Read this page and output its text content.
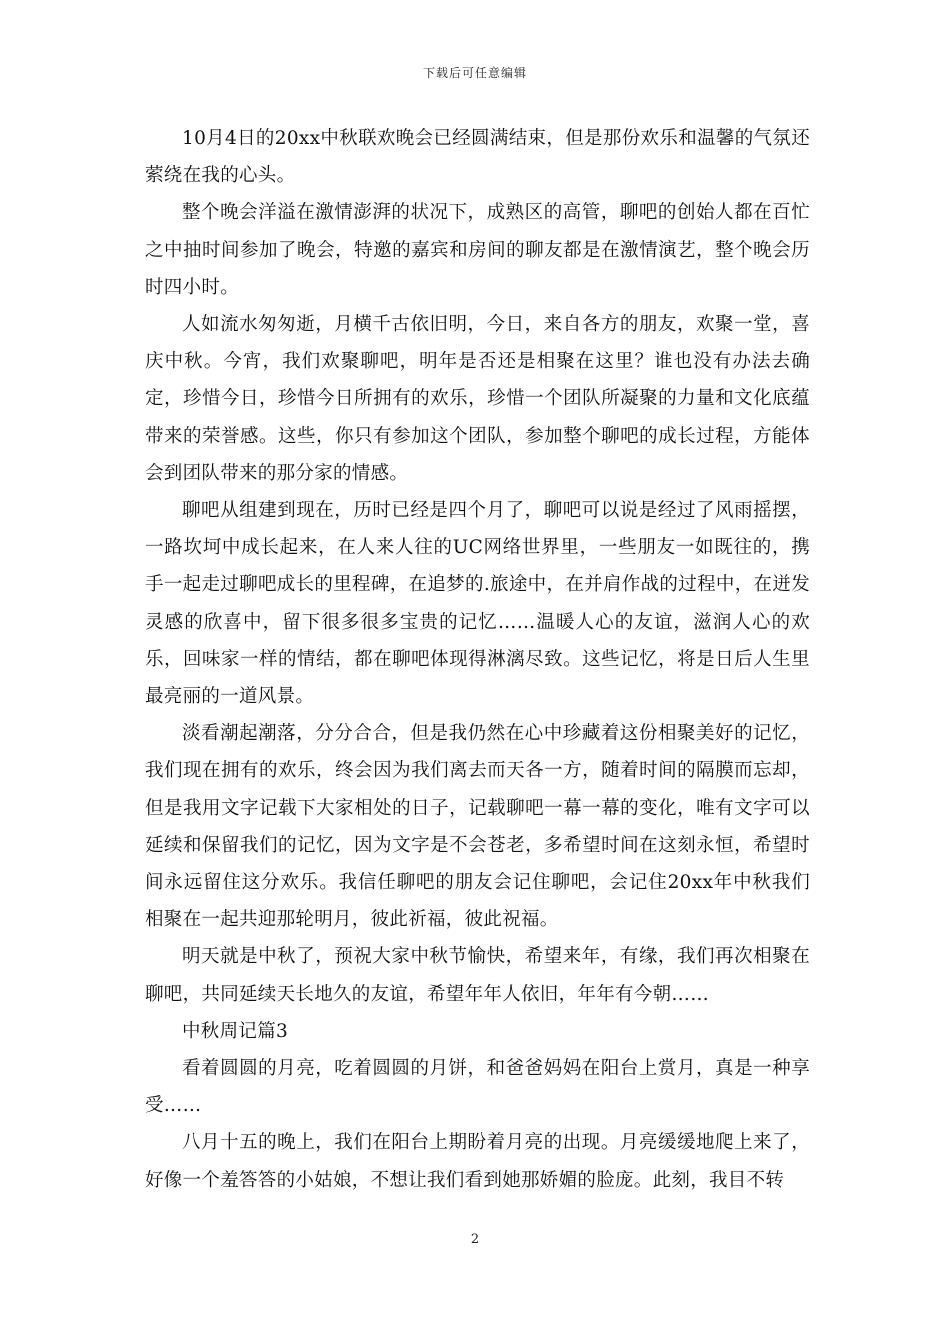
下载后可任意编辑

10月4日的20xx中秋联欢晚会已经圆满结束，但是那份欢乐和温馨的气氛还萦绕在我的心头。

整个晚会洋溢在激情澎湃的状况下，成熟区的高管，聊吧的创始人都在百忙之中抽时间参加了晚会，特邀的嘉宾和房间的聊友都是在激情演艺，整个晚会历时四小时。

人如流水匆匆逝，月横千古依旧明，今日，来自各方的朋友，欢聚一堂，喜庆中秋。今宵，我们欢聚聊吧，明年是否还是相聚在这里？谁也没有办法去确定，珍惜今日，珍惜今日所拥有的欢乐，珍惜一个团队所凝聚的力量和文化底蕴带来的荣誉感。这些，你只有参加这个团队，参加整个聊吧的成长过程，方能体会到团队带来的那分家的情感。

聊吧从组建到现在，历时已经是四个月了，聊吧可以说是经过了风雨摇摆，一路坎坷中成长起来，在人来人往的UC网络世界里，一些朋友一如既往的，携手一起走过聊吧成长的里程碑，在追梦的.旅途中，在并肩作战的过程中，在迸发灵感的欣喜中，留下很多很多宝贵的记忆……温暖人心的友谊，滋润人心的欢乐，回味家一样的情结，都在聊吧体现得淋漓尽致。这些记忆，将是日后人生里最亮丽的一道风景。

淡看潮起潮落，分分合合，但是我仍然在心中珍藏着这份相聚美好的记忆，我们现在拥有的欢乐，终会因为我们离去而天各一方，随着时间的隔膜而忘却，但是我用文字记载下大家相处的日子，记载聊吧一幕一幕的变化，唯有文字可以延续和保留我们的记忆，因为文字是不会苍老，多希望时间在这刻永恒，希望时间永远留住这分欢乐。我信任聊吧的朋友会记住聊吧，会记住20xx年中秋我们相聚在一起共迎那轮明月，彼此祈福，彼此祝福。

明天就是中秋了，预祝大家中秋节愉快，希望来年，有缘，我们再次相聚在聊吧，共同延续天长地久的友谊，希望年年人依旧，年年有今朝……

中秋周记篇3

看着圆圆的月亮，吃着圆圆的月饼，和爸爸妈妈在阳台上赏月，真是一种享受……

八月十五的晚上，我们在阳台上期盼着月亮的出现。月亮缓缓地爬上来了，好像一个羞答答的小姑娘，不想让我们看到她那娇媚的脸庞。此刻，我目不转

2
